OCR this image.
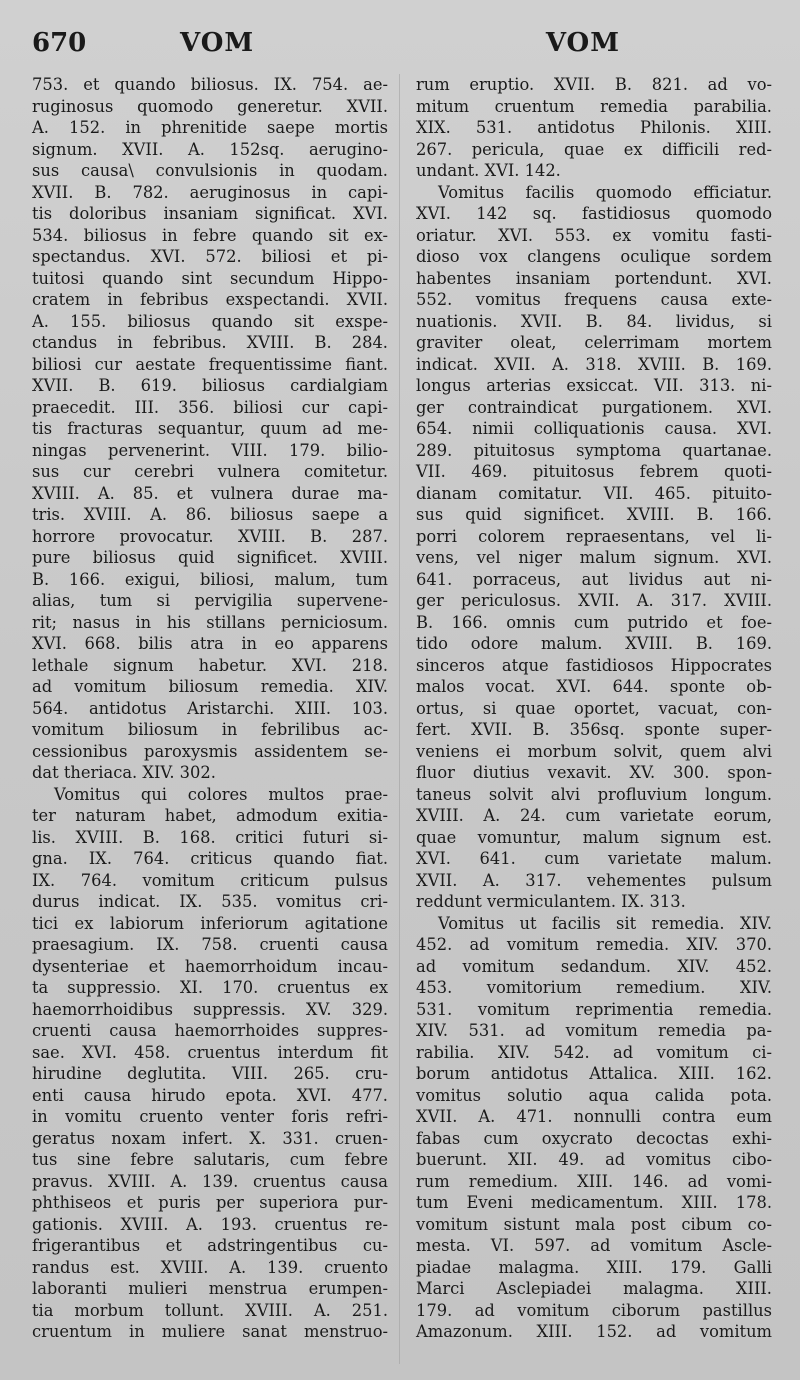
670	VOM	VOM
753. et quando biliosus. IX. 754. ae-
ruginosus quomodo generetur. XVII.
A. 152. in phrenitide saepe mortis
signum. XVII. A. 152sq. aerugino-
sus causa\ convulsionis in quodam.
XVII. B. 782. aeruginosus in capi-
tis doloribus insaniam significat. XVI.
534. biliosus in febre quando sit ex-
spectandus. XVI. 572. biliosi et pi-
tuitosi quando sint secundum Hippo-
cratem in febribus exspectandi. XVII.
A. 155. biliosus quando sit exspe-
ctandus in febribus. XVIII. B. 284.
biliosi cur aestate frequentissime fiant.
XVII. B. 619. biliosus cardialgiam
praecedit. III. 356. biliosi cur capi-
tis fracturas sequantur, quum ad me-
ningas pervenerint. VIII. 179. bilio-
sus cur cerebri vulnera comitetur.
XVIII. A. 85. et vulnera durae ma-
tris. XVIII. A. 86. biliosus saepe a
horrore provocatur. XVIII. B. 287.
pure biliosus quid significet. XVIII.
B. 166. exigui, biliosi, malum, tum
alias, tum si pervigilia supervene-
rit; nasus in his stillans perniciosum.
XVI. 668. bilis atra in eo apparens
lethale signum habetur. XVI. 218.
ad vomitum biliosum remedia. XIV.
564. antidotus Aristarchi. XIII. 103.
vomitum biliosum in febrilibus ac-
cessionibus paroxysmis assidentem se-
dat theriaca. XIV. 302.
Vomitus qui colores multos prae-
ter naturam habet, admodum exitia-
lis. XVIII. B. 168. critici futuri si-
gna. IX. 764. criticus quando fiat.
IX. 764. vomitum criticum pulsus
durus indicat. IX. 535. vomitus cri-
tici ex labiorum inferiorum agitatione
praesagium. IX. 758. cruenti causa
dysenteriae et haemorrhoidum incau-
ta suppressio. XI. 170. cruentus ex
haemorrhoidibus suppressis. XV. 329.
cruenti causa haemorrhoides suppres-
sae. XVI. 458. cruentus interdum fit
hirudine deglutita. VIII. 265. cru-
enti causa hirudo epota. XVI. 477.
in vomitu cruento venter foris refri-
geratus noxam infert. X. 331. cruen-
tus sine febre salutaris, cum febre
pravus. XVIII. A. 139. cruentus causa
phthiseos et puris per superiora pur-
gationis. XVIII. A. 193. cruentus re-
frigerantibus et adstringentibus cu-
randus est. XVIII. A. 139. cruento
laboranti mulieri menstrua erumpen-
tia morbum tollunt. XVIII. A. 251.
cruentum in muliere sanat menstruo-
rum eruptio. XVII. B. 821. ad vo-
mitum cruentum remedia parabilia.
XIX. 531. antidotus Philonis. XIII.
267. pericula, quae ex difficili red-
undant. XVI. 142.
Vomitus facilis quomodo efficiatur.
XVI. 142 sq. fastidiosus quomodo
oriatur. XVI. 553. ex vomitu fasti-
dioso vox clangens oculique sordem
habentes insaniam portendunt. XVI.
552. vomitus frequens causa exte-
nuationis. XVII. B. 84. lividus, si
graviter oleat, celerrimam mortem
indicat. XVII. A. 318. XVIII. B. 169.
longus arterias exsiccat. VII. 313. ni-
ger contraindicat purgationem. XVI.
654. nimii colliquationis causa. XVI.
289. pituitosus symptoma quartanae.
VII. 469. pituitosus febrem quoti-
dianam comitatur. VII. 465. pituito-
sus quid significet. XVIII. B. 166.
porri colorem repraesentans, vel li-
vens, vel niger malum signum. XVI.
641. porraceus, aut lividus aut ni-
ger periculosus. XVII. A. 317. XVIII.
B. 166. omnis cum putrido et foe-
tido odore malum. XVIII. B. 169.
sinceros atque fastidiosos Hippocrates
malos vocat. XVI. 644. sponte ob-
ortus, si quae oportet, vacuat, con-
fert. XVII. B. 356sq. sponte super-
veniens ei morbum solvit, quem alvi
fluor diutius vexavit. XV. 300. spon-
taneus solvit alvi profluvium longum.
XVIII. A. 24. cum varietate eorum,
quae vomuntur, malum signum est.
XVI. 641. cum varietate malum.
XVII. A. 317. vehementes pulsum
reddunt vermiculantem. IX. 313.
Vomitus ut facilis sit remedia. XIV.
452. ad vomitum remedia. XIV. 370.
ad vomitum sedandum. XIV. 452.
453. vomitorium remedium. XIV.
531. vomitum reprimentia remedia.
XIV. 531. ad vomitum remedia pa-
rabilia. XIV. 542. ad vomitum ci-
borum antidotus Attalica. XIII. 162.
vomitus solutio aqua calida pota.
XVII. A. 471. nonnulli contra eum
fabas cum oxycrato decoctas exhi-
buerunt. XII. 49. ad vomitus cibo-
rum remedium. XIII. 146. ad vomi-
tum Eveni medicamentum. XIII. 178.
vomitum sistunt mala post cibum co-
mesta. VI. 597. ad vomitum Ascle-
piadae malagma. XIII. 179. Galli
Marci Asclepiadei malagma. XIII.
179. ad vomitum ciborum pastillus
Amazonum. XIII. 152. ad vomitum
